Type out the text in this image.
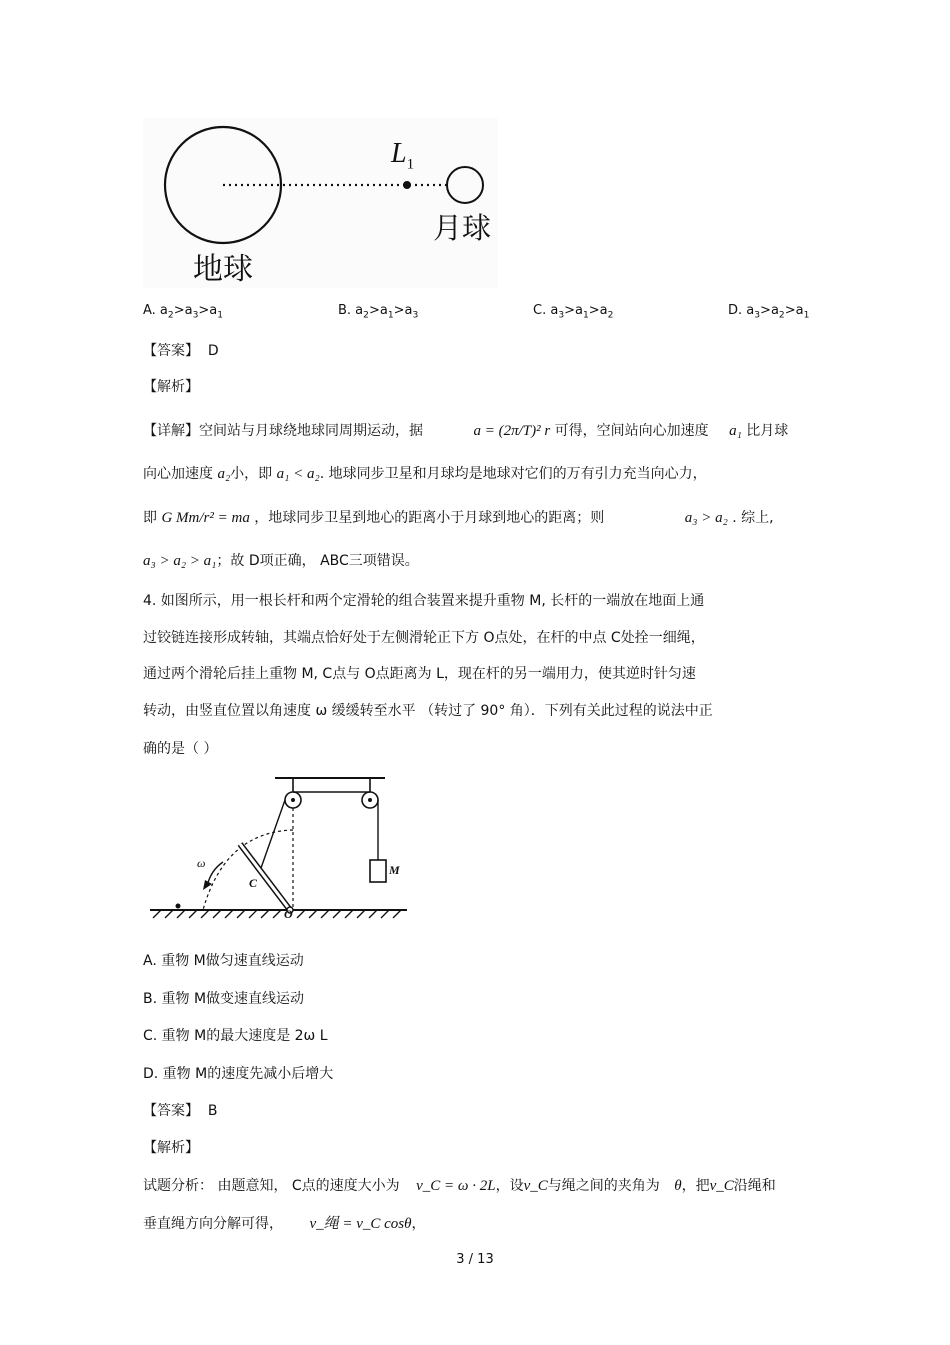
$L_1$
月球
地球
A. $a_2>a_3>a_1$	B. $a_2>a_1>a_3$	C. $a_3>a_1>a_2$	D. $a_3>a_2>a_1$
【答案】 D
【解析】
【详解】空间站与月球绕地球同周期运动，据	a = (2π/T)² r 可得，空间站向心加速度 a₁ 比月球
向心加速度 a₂小，即 a₁ < a₂. 地球同步卫星和月球均是地球对它们的万有引力充当向心力，
即 G Mm/r² = ma ，地球同步卫星到地心的距离小于月球到地心的距离；则	a₃ > a₂ . 综上,
a₃ > a₂ > a₁；故 D项正确， ABC三项错误。
4. 如图所示，用一根长杆和两个定滑轮的组合装置来提升重物 M, 长杆的一端放在地面上通
过铰链连接形成转轴，其端点恰好处于左侧滑轮正下方 O点处，在杆的中点 C处拴一细绳，
通过两个滑轮后挂上重物 M, C点与 O点距离为 L，现在杆的另一端用力，使其逆时针匀速
转动，由竖直位置以角速度 ω 缓缓转至水平 （转过了 90° 角）．下列有关此过程的说法中正
确的是（ ）
ω
C
O
M
A. 重物 M做匀速直线运动
B. 重物 M做变速直线运动
C. 重物 M的最大速度是 2ω L
D. 重物 M的速度先减小后增大
【答案】 B
【解析】
试题分析： 由题意知， C点的速度大小为 v_C = ω · 2L，设v_C与绳之间的夹角为 θ，把v_C沿绳和
垂直绳方向分解可得， v_绳 = v_C cosθ，
3 / 13
